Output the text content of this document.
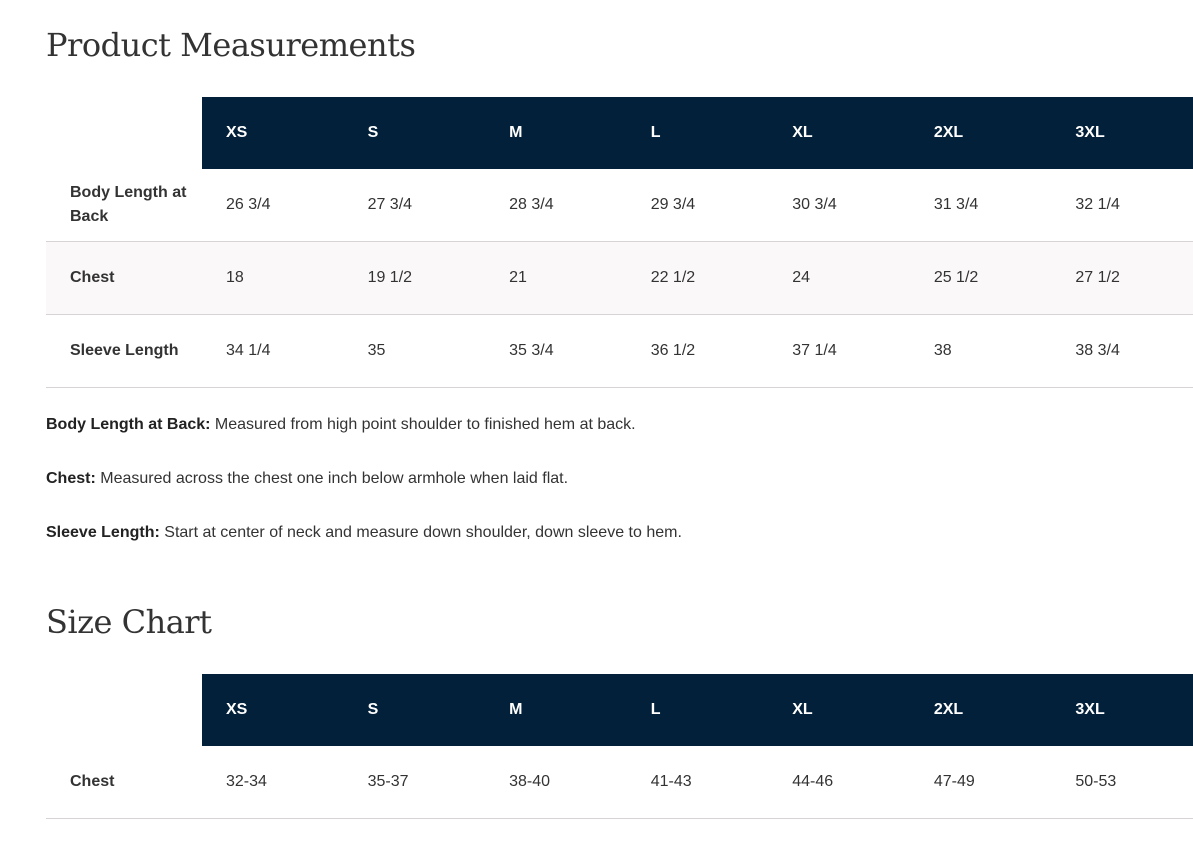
Product Measurements
	XS	S	M	L	XL	2XL	3XL
Body Length at Back	26 3/4	27 3/4	28 3/4	29 3/4	30 3/4	31 3/4	32 1/4
Chest	18	19 1/2	21	22 1/2	24	25 1/2	27 1/2
Sleeve Length	34 1/4	35	35 3/4	36 1/2	37 1/4	38	38 3/4

Body Length at Back: Measured from high point shoulder to finished hem at back.

Chest: Measured across the chest one inch below armhole when laid flat.

Sleeve Length: Start at center of neck and measure down shoulder, down sleeve to hem.

Size Chart
	XS	S	M	L	XL	2XL	3XL
Chest	32-34	35-37	38-40	41-43	44-46	47-49	50-53
